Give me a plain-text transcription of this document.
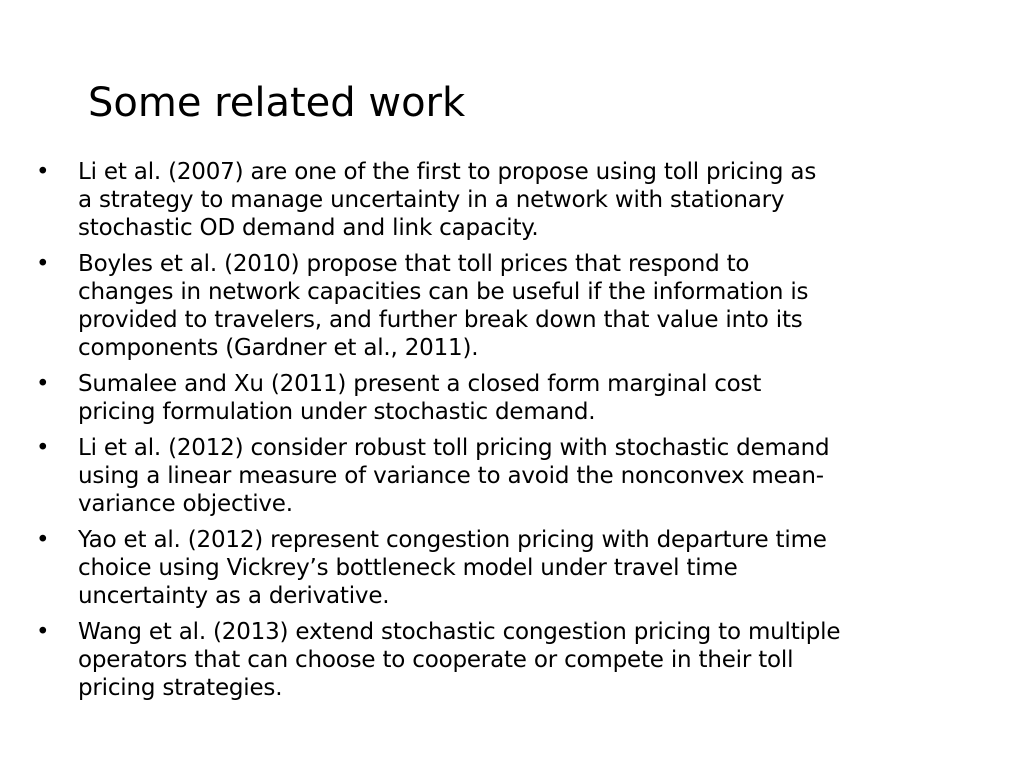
Some related work
• Li et al. (2007) are one of the first to propose using toll pricing as
a strategy to manage uncertainty in a network with stationary
stochastic OD demand and link capacity.
• Boyles et al. (2010) propose that toll prices that respond to
changes in network capacities can be useful if the information is
provided to travelers, and further break down that value into its
components (Gardner et al., 2011).
• Sumalee and Xu (2011) present a closed form marginal cost
pricing formulation under stochastic demand.
• Li et al. (2012) consider robust toll pricing with stochastic demand
using a linear measure of variance to avoid the nonconvex mean-
variance objective.
• Yao et al. (2012) represent congestion pricing with departure time
choice using Vickrey’s bottleneck model under travel time
uncertainty as a derivative.
• Wang et al. (2013) extend stochastic congestion pricing to multiple
operators that can choose to cooperate or compete in their toll
pricing strategies.
